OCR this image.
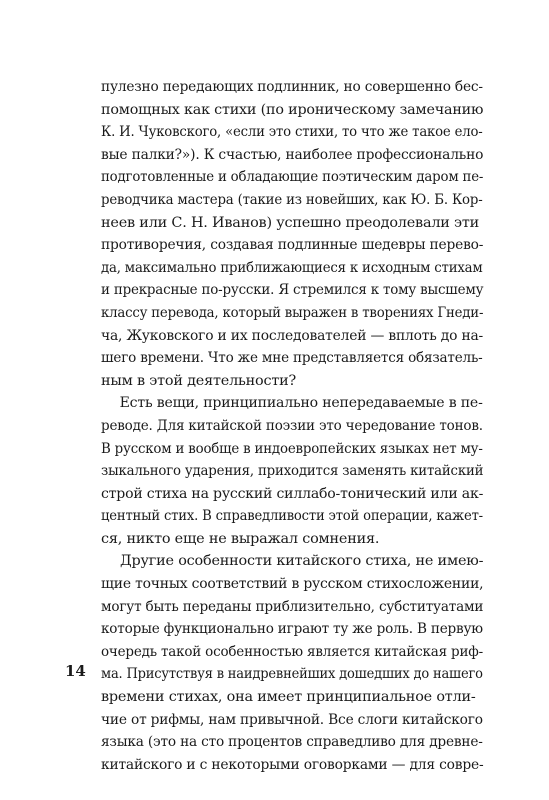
пулезно передающих подлинник, но совершенно бес-
помощных как стихи (по ироническому замечанию
К. И. Чуковского, «если это стихи, то что же такое ело-
вые палки?»). К счастью, наиболее профессионально
подготовленные и обладающие поэтическим даром пе-
реводчика мастера (такие из новейших, как Ю. Б. Кор-
неев или С. Н. Иванов) успешно преодолевали эти
противоречия, создавая подлинные шедевры перево-
да, максимально приближающиеся к исходным стихам
и прекрасные по-русски. Я стремился к тому высшему
классу перевода, который выражен в творениях Гнеди-
ча, Жуковского и их последователей — вплоть до на-
шего времени. Что же мне представляется обязатель-
ным в этой деятельности?
Есть вещи, принципиально непередаваемые в пе-
реводе. Для китайской поэзии это чередование тонов.
В русском и вообще в индоевропейских языках нет му-
зыкального ударения, приходится заменять китайский
строй стиха на русский силлабо-тонический или ак-
центный стих. В справедливости этой операции, кажет-
ся, никто еще не выражал сомнения.
Другие особенности китайского стиха, не имею-
щие точных соответствий в русском стихосложении,
могут быть переданы приблизительно, субституатами
которые функционально играют ту же роль. В первую
очередь такой особенностью является китайская риф-
ма. Присутствуя в наидревнейших дошедших до нашего
времени стихах, она имеет принципиальное отли-
чие от рифмы, нам привычной. Все слоги китайского
языка (это на сто процентов справедливо для древне-
китайского и с некоторыми оговорками — для совре-
14
